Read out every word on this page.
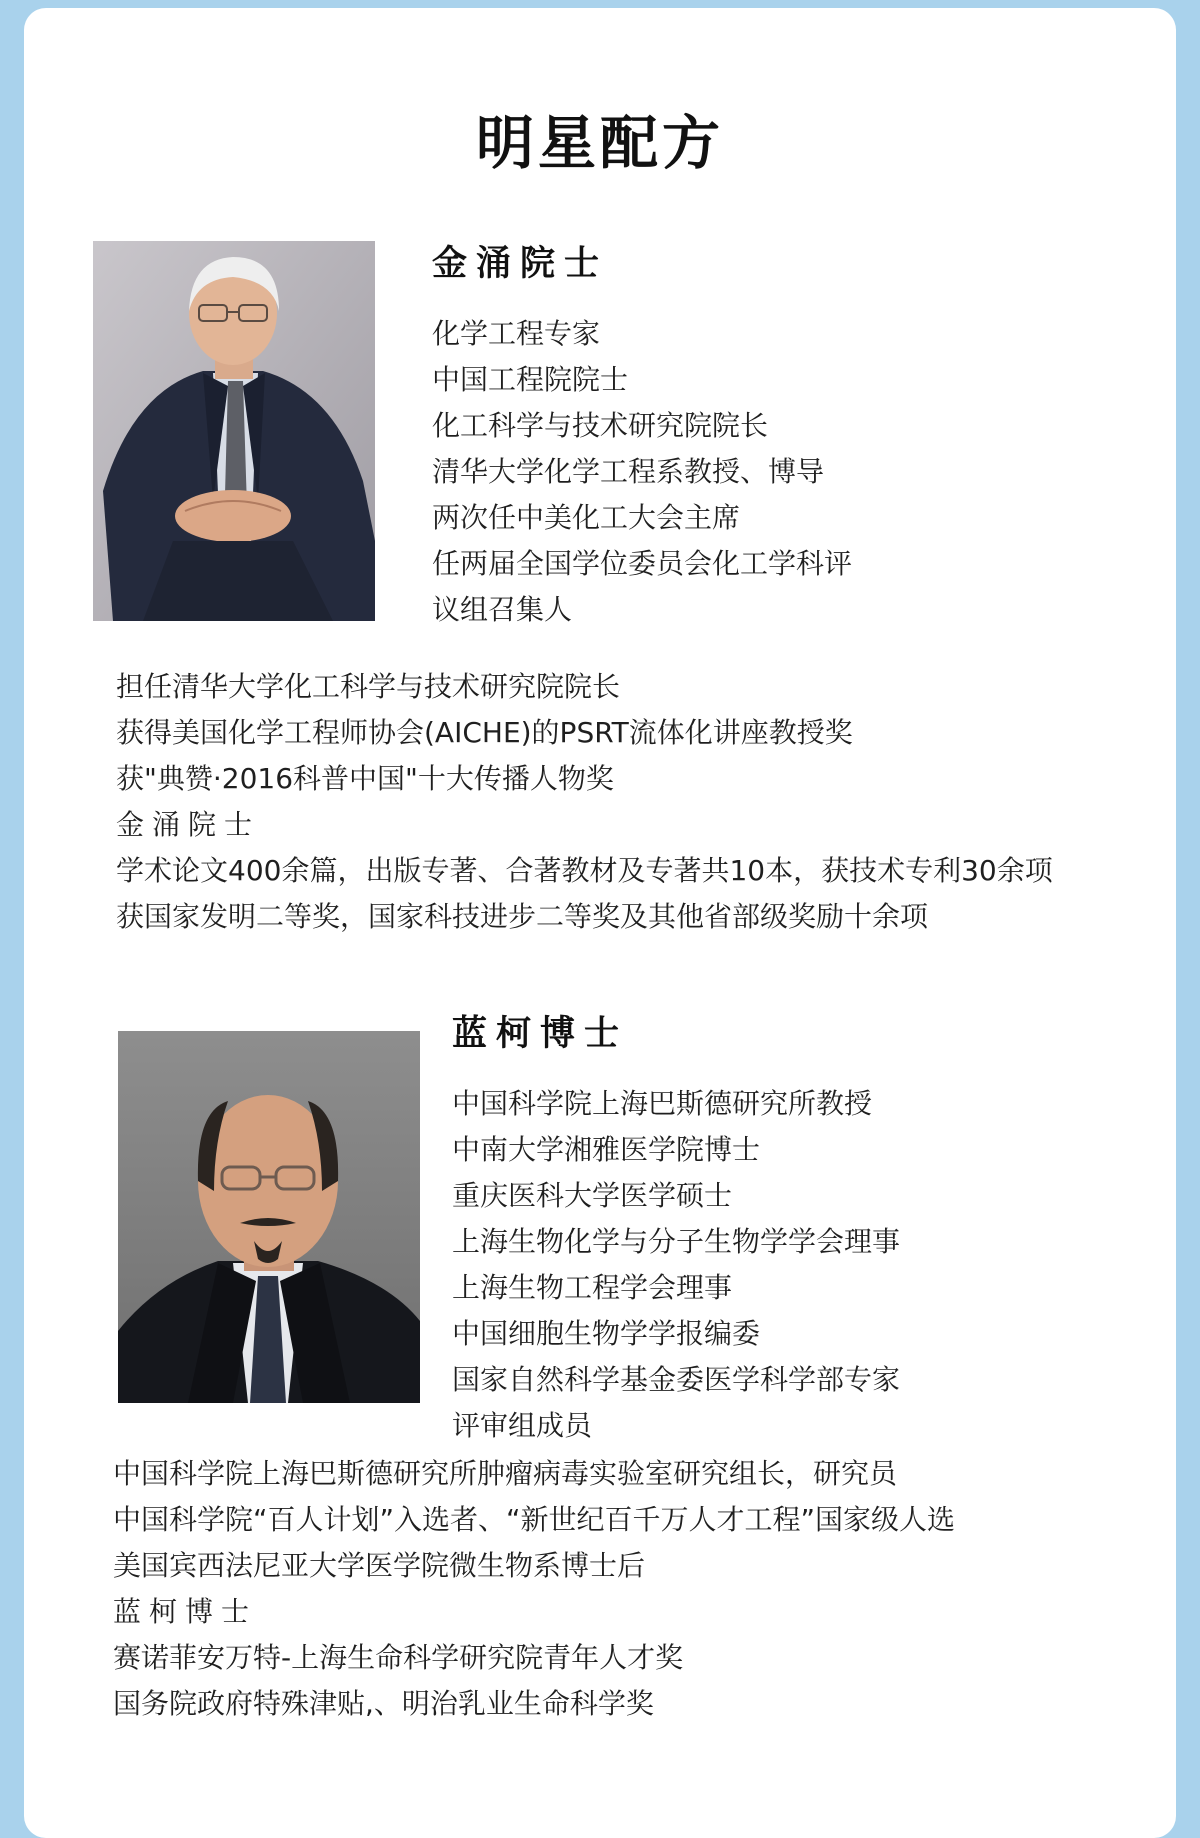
明星配方
金涌院士
化学工程专家
中国工程院院士
化工科学与技术研究院院长
清华大学化学工程系教授、博导
两次任中美化工大会主席
任两届全国学位委员会化工学科评
议组召集人
担任清华大学化工科学与技术研究院院长
获得美国化学工程师协会(AICHE)的PSRT流体化讲座教授奖
获"典赞·2016科普中国"十大传播人物奖
金涌院士
学术论文400余篇，出版专著、合著教材及专著共10本，获技术专利30余项
获国家发明二等奖，国家科技进步二等奖及其他省部级奖励十余项
蓝柯博士
中国科学院上海巴斯德研究所教授
中南大学湘雅医学院博士
重庆医科大学医学硕士
上海生物化学与分子生物学学会理事
上海生物工程学会理事
中国细胞生物学学报编委
国家自然科学基金委医学科学部专家
评审组成员
中国科学院上海巴斯德研究所肿瘤病毒实验室研究组长，研究员
中国科学院“百人计划”入选者、“新世纪百千万人才工程”国家级人选
美国宾西法尼亚大学医学院微生物系博士后
蓝柯博士
赛诺菲安万特-上海生命科学研究院青年人才奖
国务院政府特殊津贴,、明治乳业生命科学奖
